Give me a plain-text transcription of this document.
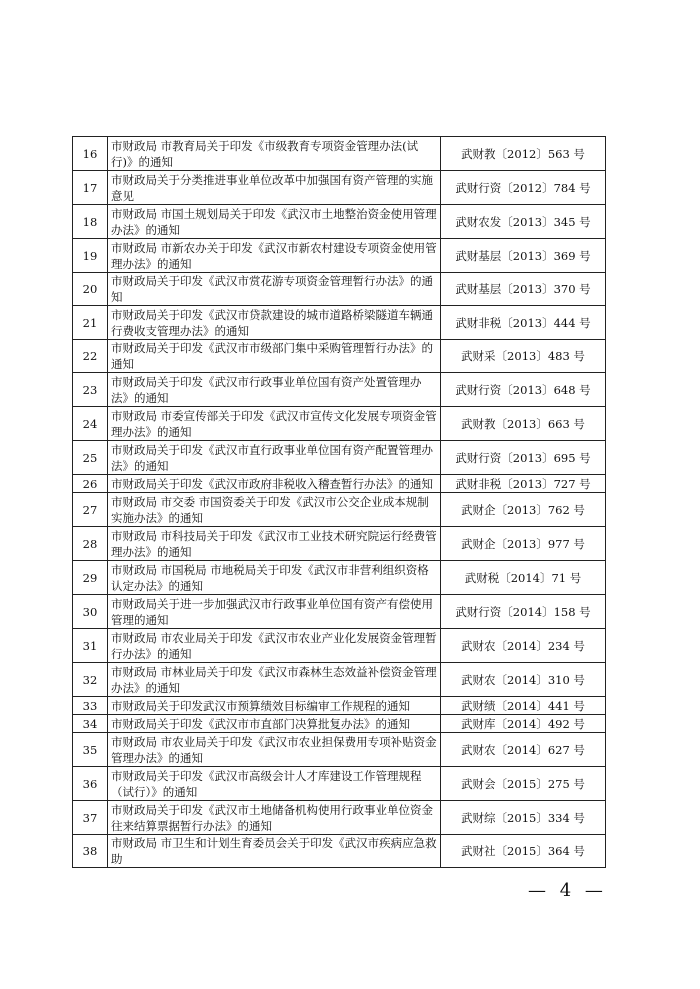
16	市财政局 市教育局关于印发《市级教育专项资金管理办法(试行)》的通知	武财教〔2012〕563 号
17	市财政局关于分类推进事业单位改革中加强国有资产管理的实施意见	武财行资〔2012〕784 号
18	市财政局 市国土规划局关于印发《武汉市土地整治资金使用管理办法》的通知	武财农发〔2013〕345 号
19	市财政局 市新农办关于印发《武汉市新农村建设专项资金使用管理办法》的通知	武财基层〔2013〕369 号
20	市财政局关于印发《武汉市赏花游专项资金管理暂行办法》的通知	武财基层〔2013〕370 号
21	市财政局关于印发《武汉市贷款建设的城市道路桥梁隧道车辆通行费收支管理办法》的通知	武财非税〔2013〕444 号
22	市财政局关于印发《武汉市市级部门集中采购管理暂行办法》的通知	武财采〔2013〕483 号
23	市财政局关于印发《武汉市行政事业单位国有资产处置管理办法》的通知	武财行资〔2013〕648 号
24	市财政局 市委宣传部关于印发《武汉市宣传文化发展专项资金管理办法》的通知	武财教〔2013〕663 号
25	市财政局关于印发《武汉市直行政事业单位国有资产配置管理办法》的通知	武财行资〔2013〕695 号
26	市财政局关于印发《武汉市政府非税收入稽查暂行办法》的通知	武财非税〔2013〕727 号
27	市财政局 市交委 市国资委关于印发《武汉市公交企业成本规制实施办法》的通知	武财企〔2013〕762 号
28	市财政局 市科技局关于印发《武汉市工业技术研究院运行经费管理办法》的通知	武财企〔2013〕977 号
29	市财政局 市国税局 市地税局关于印发《武汉市非营利组织资格认定办法》的通知	武财税〔2014〕71 号
30	市财政局关于进一步加强武汉市行政事业单位国有资产有偿使用管理的通知	武财行资〔2014〕158 号
31	市财政局 市农业局关于印发《武汉市农业产业化发展资金管理暂行办法》的通知	武财农〔2014〕234 号
32	市财政局 市林业局关于印发《武汉市森林生态效益补偿资金管理办法》的通知	武财农〔2014〕310 号
33	市财政局关于印发武汉市预算绩效目标编审工作规程的通知	武财绩〔2014〕441 号
34	市财政局关于印发《武汉市市直部门决算批复办法》的通知	武财库〔2014〕492 号
35	市财政局 市农业局关于印发《武汉市农业担保费用专项补贴资金管理办法》的通知	武财农〔2014〕627 号
36	市财政局关于印发《武汉市高级会计人才库建设工作管理规程（试行）》的通知	武财会〔2015〕275 号
37	市财政局关于印发《武汉市土地储备机构使用行政事业单位资金往来结算票据暂行办法》的通知	武财综〔2015〕334 号
38	市财政局 市卫生和计划生育委员会关于印发《武汉市疾病应急救助	武财社〔2015〕364 号
— 4 —
